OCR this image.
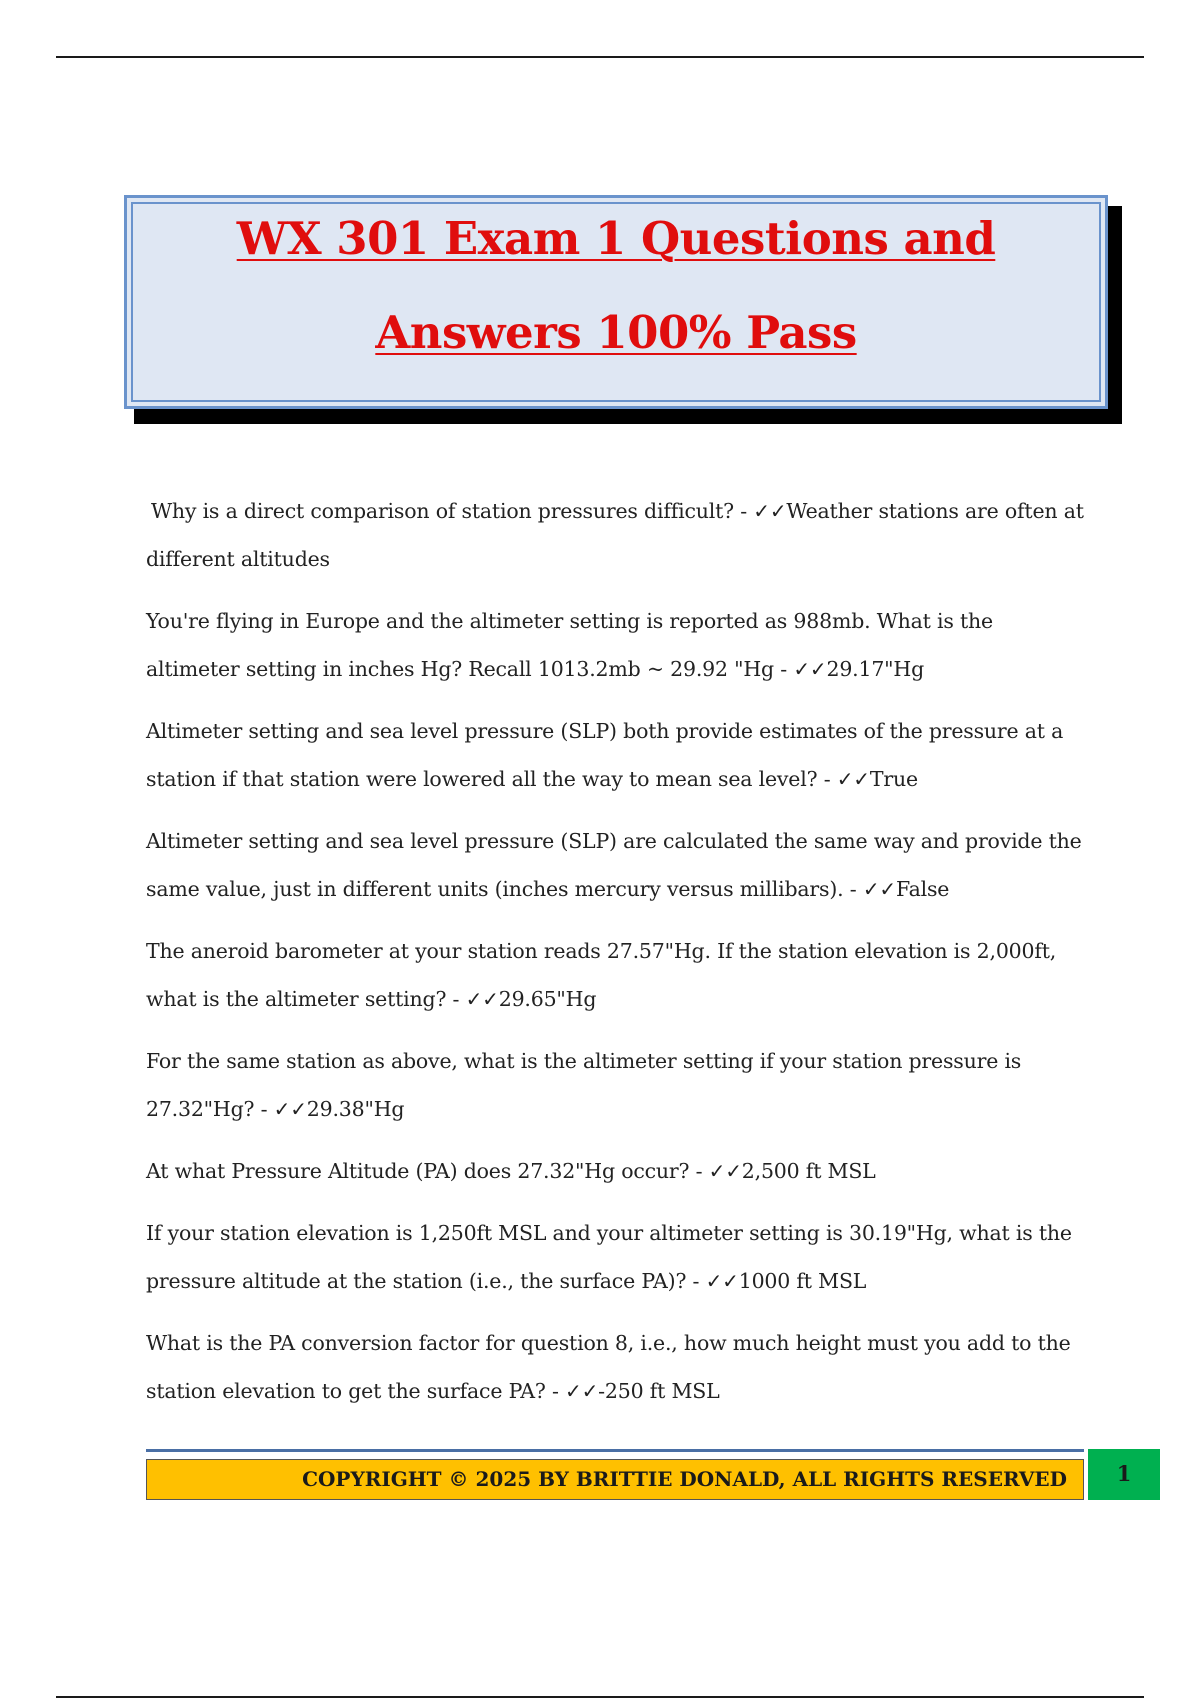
WX 301 Exam 1 Questions and
Answers 100% Pass

Why is a direct comparison of station pressures difficult? - ✓✓Weather stations are often at different altitudes

You're flying in Europe and the altimeter setting is reported as 988mb. What is the altimeter setting in inches Hg? Recall 1013.2mb ~ 29.92 "Hg - ✓✓29.17"Hg

Altimeter setting and sea level pressure (SLP) both provide estimates of the pressure at a station if that station were lowered all the way to mean sea level? - ✓✓True

Altimeter setting and sea level pressure (SLP) are calculated the same way and provide the same value, just in different units (inches mercury versus millibars). - ✓✓False

The aneroid barometer at your station reads 27.57"Hg. If the station elevation is 2,000ft, what is the altimeter setting? - ✓✓29.65"Hg

For the same station as above, what is the altimeter setting if your station pressure is 27.32"Hg? - ✓✓29.38"Hg

At what Pressure Altitude (PA) does 27.32"Hg occur? - ✓✓2,500 ft MSL

If your station elevation is 1,250ft MSL and your altimeter setting is 30.19"Hg, what is the pressure altitude at the station (i.e., the surface PA)? - ✓✓1000 ft MSL

What is the PA conversion factor for question 8, i.e., how much height must you add to the station elevation to get the surface PA? - ✓✓-250 ft MSL

COPYRIGHT © 2025 BY BRITTIE DONALD, ALL RIGHTS RESERVED	1
